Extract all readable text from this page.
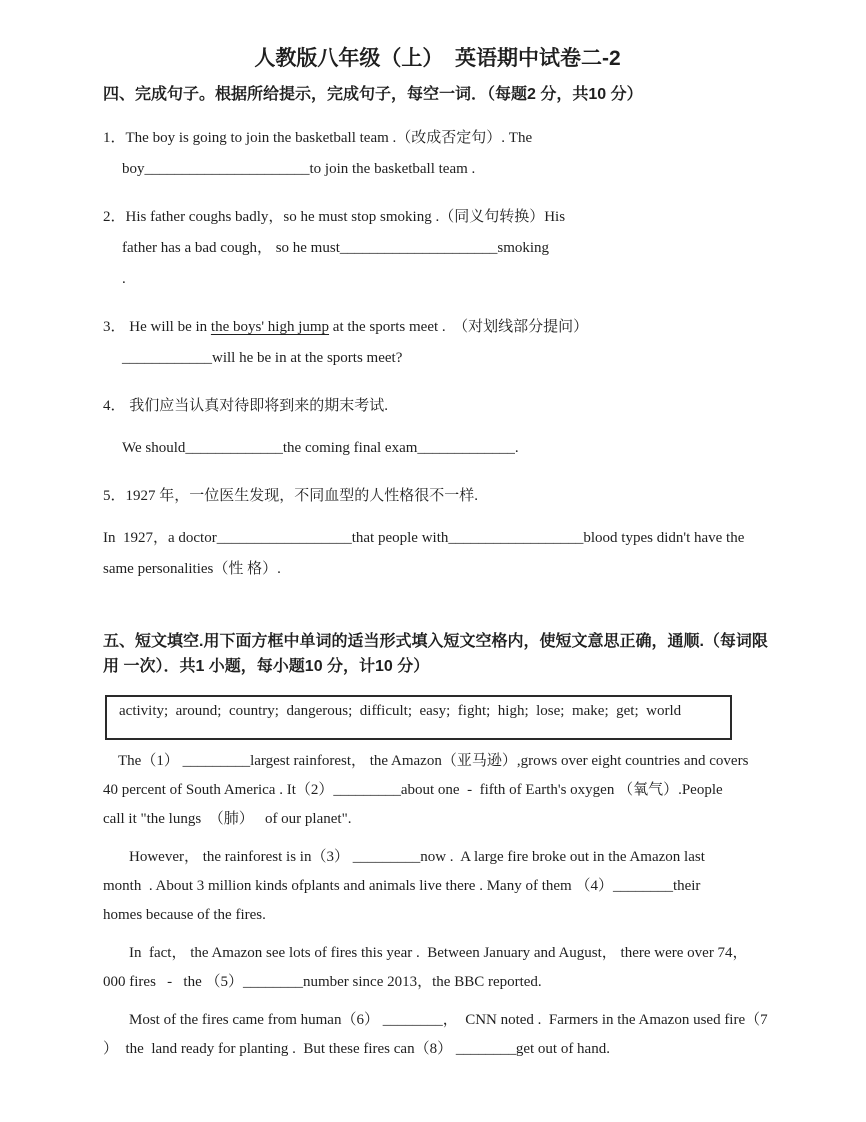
人教版八年级（上）  英语期中试卷二-2
四、完成句子。根据所给提示，完成句子，每空一词．（每题2 分，共10 分）
1．The boy is going to join the basketball team .（改成否定句）. The
boy______________________to join the basketball team .
2．His father coughs badly，so he must stop smoking .（同义句转换）His
father has a bad cough， so he must_____________________smoking
.
3． He will be in the boys' high jump at the sports meet .  （对划线部分提问）
____________will he be in at the sports meet?
4． 我们应当认真对待即将到来的期末考试.
We should_____________the coming final exam_____________.
5．1927 年，一位医生发现，不同血型的人性格很不一样.
In  1927，a doctor__________________that people with__________________blood types didn't have the
same personalities（性 格）.
五、短文填空.用下面方框中单词的适当形式填入短文空格内，使短文意思正确，通顺.（每词限
用 一次）．共1 小题，每小题10 分，计10 分）
activity;  around;  country;  dangerous;  difficult;  easy;  fight;  high;  lose;  make;  get;  world
The（1） _________largest rainforest， the Amazon（亚马逊）,grows over eight countries and covers
40 percent of South America . It（2）_________about one  -  fifth of Earth's oxygen （氧气）.People
call it "the lungs  （肺）   of our planet".
However， the rainforest is in（3） _________now .  A large fire broke out in the Amazon last
month  . About 3 million kinds ofplants and animals live there . Many of them （4）________their
homes because of the fires.
In  fact， the Amazon see lots of fires this year .  Between January and August， there were over 74，
000 fires   -   the （5）________number since 2013，the BBC reported.
Most of the fires came from human（6） ________，  CNN noted .  Farmers in the Amazon used fire（7
）  the  land ready for planting .  But these fires can（8） ________get out of hand.
